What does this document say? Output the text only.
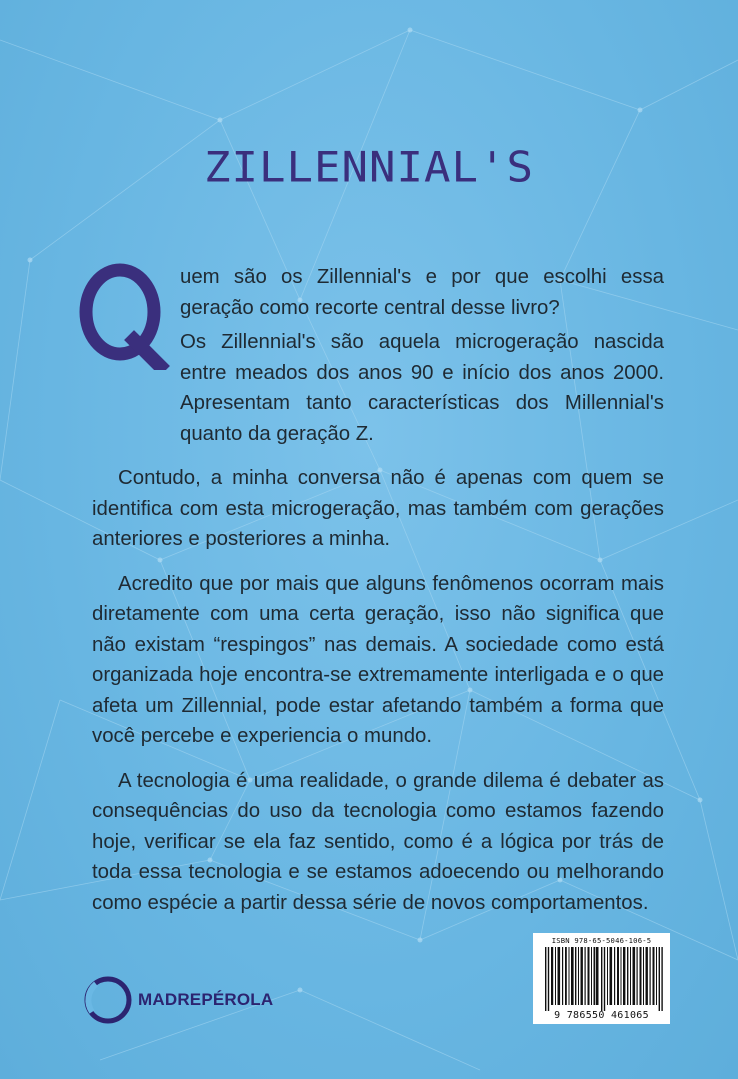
ZILLENNIAL'S

uem são os Zillennial's e por que escolhi essa geração como recorte central desse livro?

Os Zillennial's são aquela microgeração nascida entre meados dos anos 90 e início dos anos 2000. Apresentam tanto características dos Millennial's quanto da geração Z.

Contudo, a minha conversa não é apenas com quem se identifica com esta microgeração, mas também com gerações anteriores e posteriores a minha.

Acredito que por mais que alguns fenômenos ocorram mais diretamente com uma certa geração, isso não significa que não existam “respingos” nas demais. A sociedade como está organizada hoje encontra-se extremamente interligada e o que afeta um Zillennial, pode estar afetando também a forma que você percebe e experiencia o mundo.

A tecnologia é uma realidade, o grande dilema é debater as consequências do uso da tecnologia como estamos fazendo hoje, verificar se ela faz sentido, como é a lógica por trás de toda essa tecnologia e se estamos adoecendo ou melhorando como espécie a partir dessa série de novos comportamentos.

MADREPÉROLA
ISBN 978-65-5046-106-5
9 786550 461065
